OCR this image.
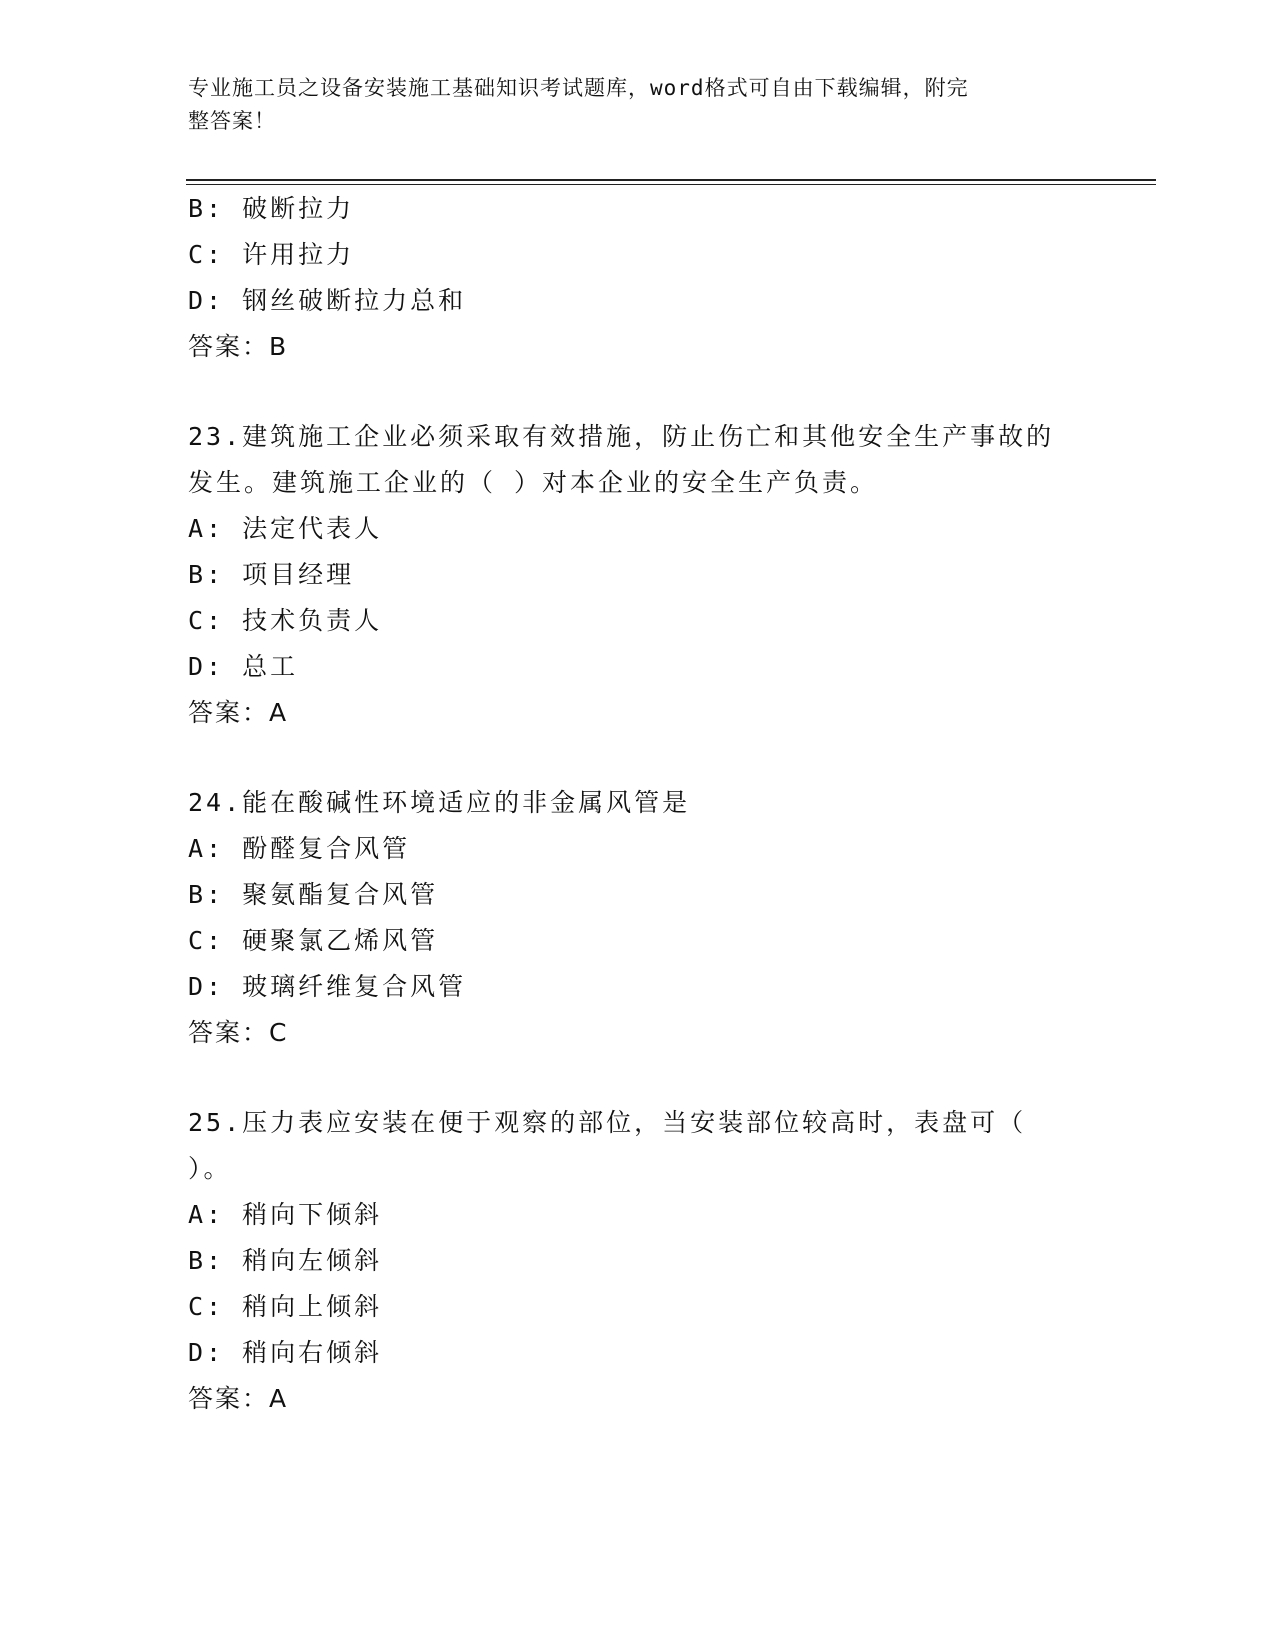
专业施工员之设备安装施工基础知识考试题库，word格式可自由下载编辑，附完
整答案！
B: 破断拉力
C: 许用拉力
D: 钢丝破断拉力总和
答案：B
23.建筑施工企业必须采取有效措施，防止伤亡和其他安全生产事故的
发生。建筑施工企业的（ ）对本企业的安全生产负责。
A: 法定代表人
B: 项目经理
C: 技术负责人
D: 总工
答案：A
24.能在酸碱性环境适应的非金属风管是
A: 酚醛复合风管
B: 聚氨酯复合风管
C: 硬聚氯乙烯风管
D: 玻璃纤维复合风管
答案：C
25.压力表应安装在便于观察的部位，当安装部位较高时，表盘可（
）。
A: 稍向下倾斜
B: 稍向左倾斜
C: 稍向上倾斜
D: 稍向右倾斜
答案：A
